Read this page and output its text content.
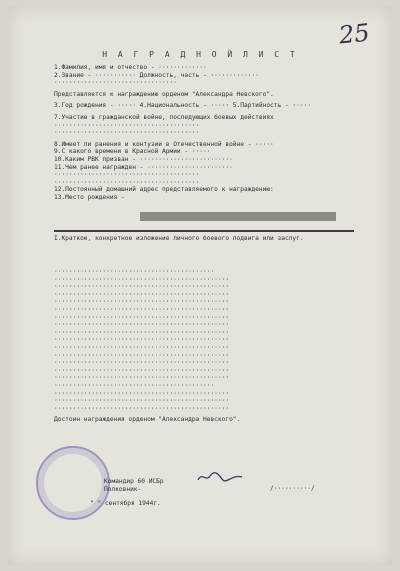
25
Н А Г Р А Д Н О Й Л И С Т
1.Фамилия, имя и отчество - ·············
2.Звание - ··········· Должность, часть - ·············
·································
Представляется к награждению орденом "Александра Невского".
3.Год рождения - ····· 4.Национальность - ····· 5.Партийность - ·····
7.Участие в гражданской войне, последующих боевых действиях
·······································
·······································
8.Имеет ли ранения и контузии в Отечественной войне - ·····
9.С какого времени в Красной Армии - ·····
10.Каким РВК призван - ·························
11.Чем ранее награжден - ·······················
·······································
·······································
12.Постоянный домашний адрес представляемого к награждению:
13.Место рождения -
I.Краткое, конкретное изложение личного боевого подвига или заслуг.
···········································
···············································
···············································
···············································
···············································
···············································
···············································
···············································
···············································
···············································
···············································
···············································
···············································
···············································
···············································
···········································
···············································
···············································
···············································
Достоин награждения орденом "Александра Невского".
Командир 60 ИСБр
Полковник-	/··········/
" " сентября 1944г.
